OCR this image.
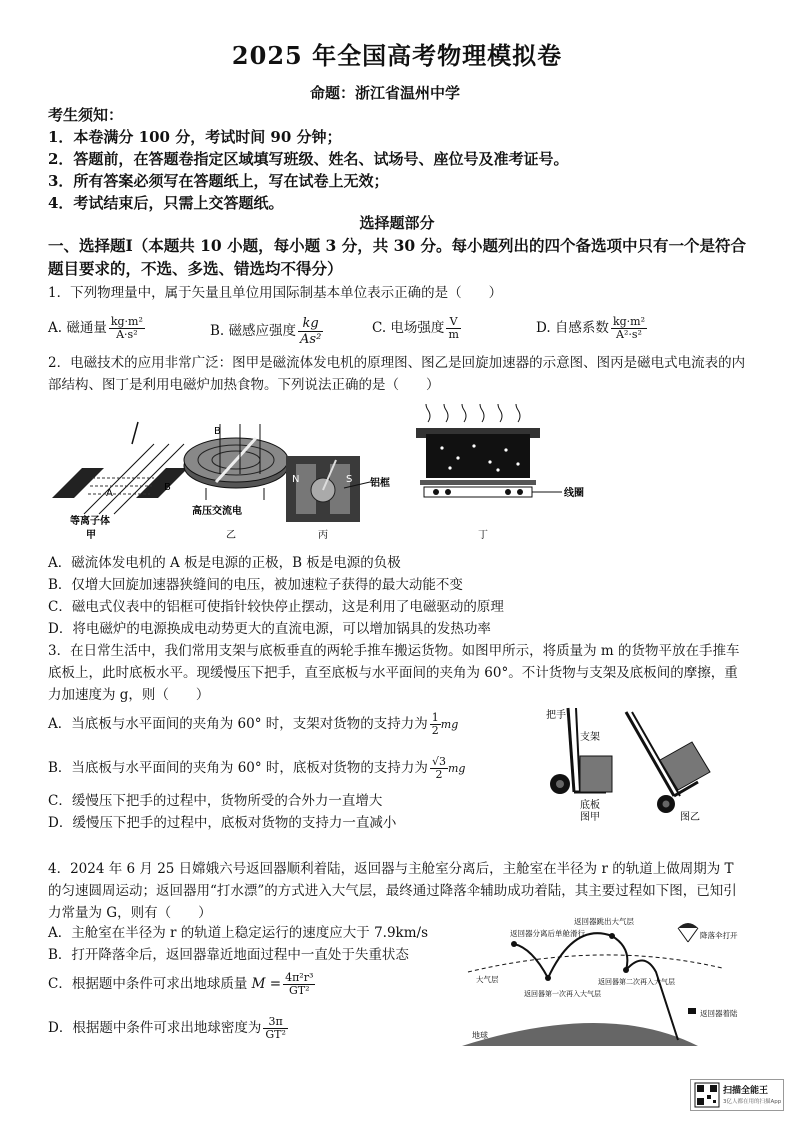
2025 年全国高考物理模拟卷
命题：浙江省温州中学
考生须知：
1．本卷满分 100 分，考试时间 90 分钟；
2．答题前，在答题卷指定区域填写班级、姓名、试场号、座位号及准考证号。
3．所有答案必须写在答题纸上，写在试卷上无效；
4．考试结束后，只需上交答题纸。
选择题部分
一、选择题Ⅰ（本题共 10 小题，每小题 3 分，共 30 分。每小题列出的四个备选项中只有一个是符合题目要求的，不选、多选、错选均不得分）
1．下列物理量中，属于矢量且单位用国际制基本单位表示正确的是（　　）
A. 磁通量 $\frac{\text{kg·m²}}{\text{A·s²}}$	B. 磁感应强度 $\frac{kg}{\text{As²}}$	C. 电场强度 $\frac{V}{m}$	D. 自感系数 $\frac{\text{kg·m²}}{\text{A²·s²}}$
2．电磁技术的应用非常广泛：图甲是磁流体发电机的原理图、图乙是回旋加速器的示意图、图丙是磁电式电流表的内部结构、图丁是利用电磁炉加热食物。下列说法正确的是（　　）
A
B
等离子体
甲
B
高压交流电
乙
N	S 铝框
丙
线圈
丁
A．磁流体发电机的 A 板是电源的正极，B 板是电源的负极
B．仅增大回旋加速器狭缝间的电压，被加速粒子获得的最大动能不变
C．磁电式仪表中的铝框可使指针较快停止摆动，这是利用了电磁驱动的原理
D．将电磁炉的电源换成电动势更大的直流电源，可以增加锅具的发热功率
3．在日常生活中，我们常用支架与底板垂直的两轮手推车搬运货物。如图甲所示，将质量为 m 的货物平放在手推车底板上，此时底板水平。现缓慢压下把手，直至底板与水平面间的夹角为 60°。不计货物与支架及底板间的摩擦，重力加速度为 g，则（　　）
A．当底板与水平面间的夹角为 60° 时，支架对货物的支持力为 $\frac{1}{2}$ mg
B．当底板与水平面间的夹角为 60° 时，底板对货物的支持力为 $\frac{√3}{2}$ mg
C．缓慢压下把手的过程中，货物所受的合外力一直增大
D．缓慢压下把手的过程中，底板对货物的支持力一直减小
把手
支架
底板
图甲	图乙
4．2024 年 6 月 25 日嫦娥六号返回器顺利着陆，返回器与主舱室分离后，主舱室在半径为 r 的轨道上做周期为 T 的匀速圆周运动；返回器用“打水漂”的方式进入大气层，最终通过降落伞辅助成功着陆，其主要过程如下图，已知引力常量为 G，则有（　　）
A．主舱室在半径为 r 的轨道上稳定运行的速度应大于 7.9km/s
B．打开降落伞后，返回器靠近地面过程中一直处于失重状态
C．根据题中条件可求出地球质量 $M = \frac{\text{4π²r³}}{\text{GT²}}$
D．根据题中条件可求出地球密度为 $\frac{3\pi}{\text{GT²}}$
返回器分离后单舱滑行
返回器跳出大气层
降落伞打开
大气层
返回器第一次再入大气层
返回器第二次再入大气层
返回器着陆
地球
扫描全能王
3亿人都在用的扫描App
